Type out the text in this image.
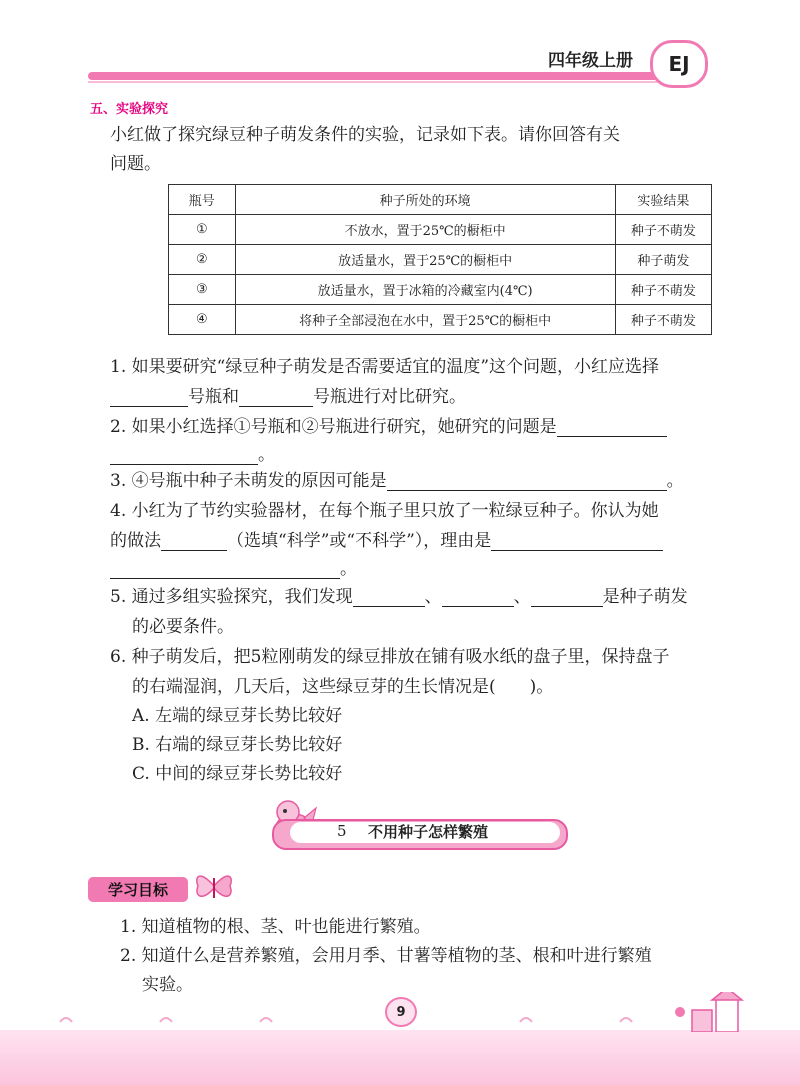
四年级上册	EJ
五、实验探究
小红做了探究绿豆种子萌发条件的实验，记录如下表。请你回答有关
问题。
瓶号	种子所处的环境	实验结果
①	不放水，置于25℃的橱柜中	种子不萌发
②	放适量水，置于25℃的橱柜中	种子萌发
③	放适量水，置于冰箱的冷藏室内(4℃)	种子不萌发
④	将种子全部浸泡在水中，置于25℃的橱柜中	种子不萌发
1. 如果要研究“绿豆种子萌发是否需要适宜的温度”这个问题，小红应选择
号瓶和	号瓶进行对比研究。
2. 如果小红选择①号瓶和②号瓶进行研究，她研究的问题是
。
3. ④号瓶中种子未萌发的原因可能是	。
4. 小红为了节约实验器材，在每个瓶子里只放了一粒绿豆种子。你认为她
的做法	（选填“科学”或“不科学”），理由是
。
5. 通过多组实验探究，我们发现	、	、	是种子萌发
的必要条件。
6. 种子萌发后，把5粒刚萌发的绿豆排放在铺有吸水纸的盘子里，保持盘子
的右端湿润，几天后，这些绿豆芽的生长情况是(　　)。
A. 左端的绿豆芽长势比较好
B. 右端的绿豆芽长势比较好
C. 中间的绿豆芽长势比较好
5 不用种子怎样繁殖
学习目标
1. 知道植物的根、茎、叶也能进行繁殖。
2. 知道什么是营养繁殖，会用月季、甘薯等植物的茎、根和叶进行繁殖
实验。
9
